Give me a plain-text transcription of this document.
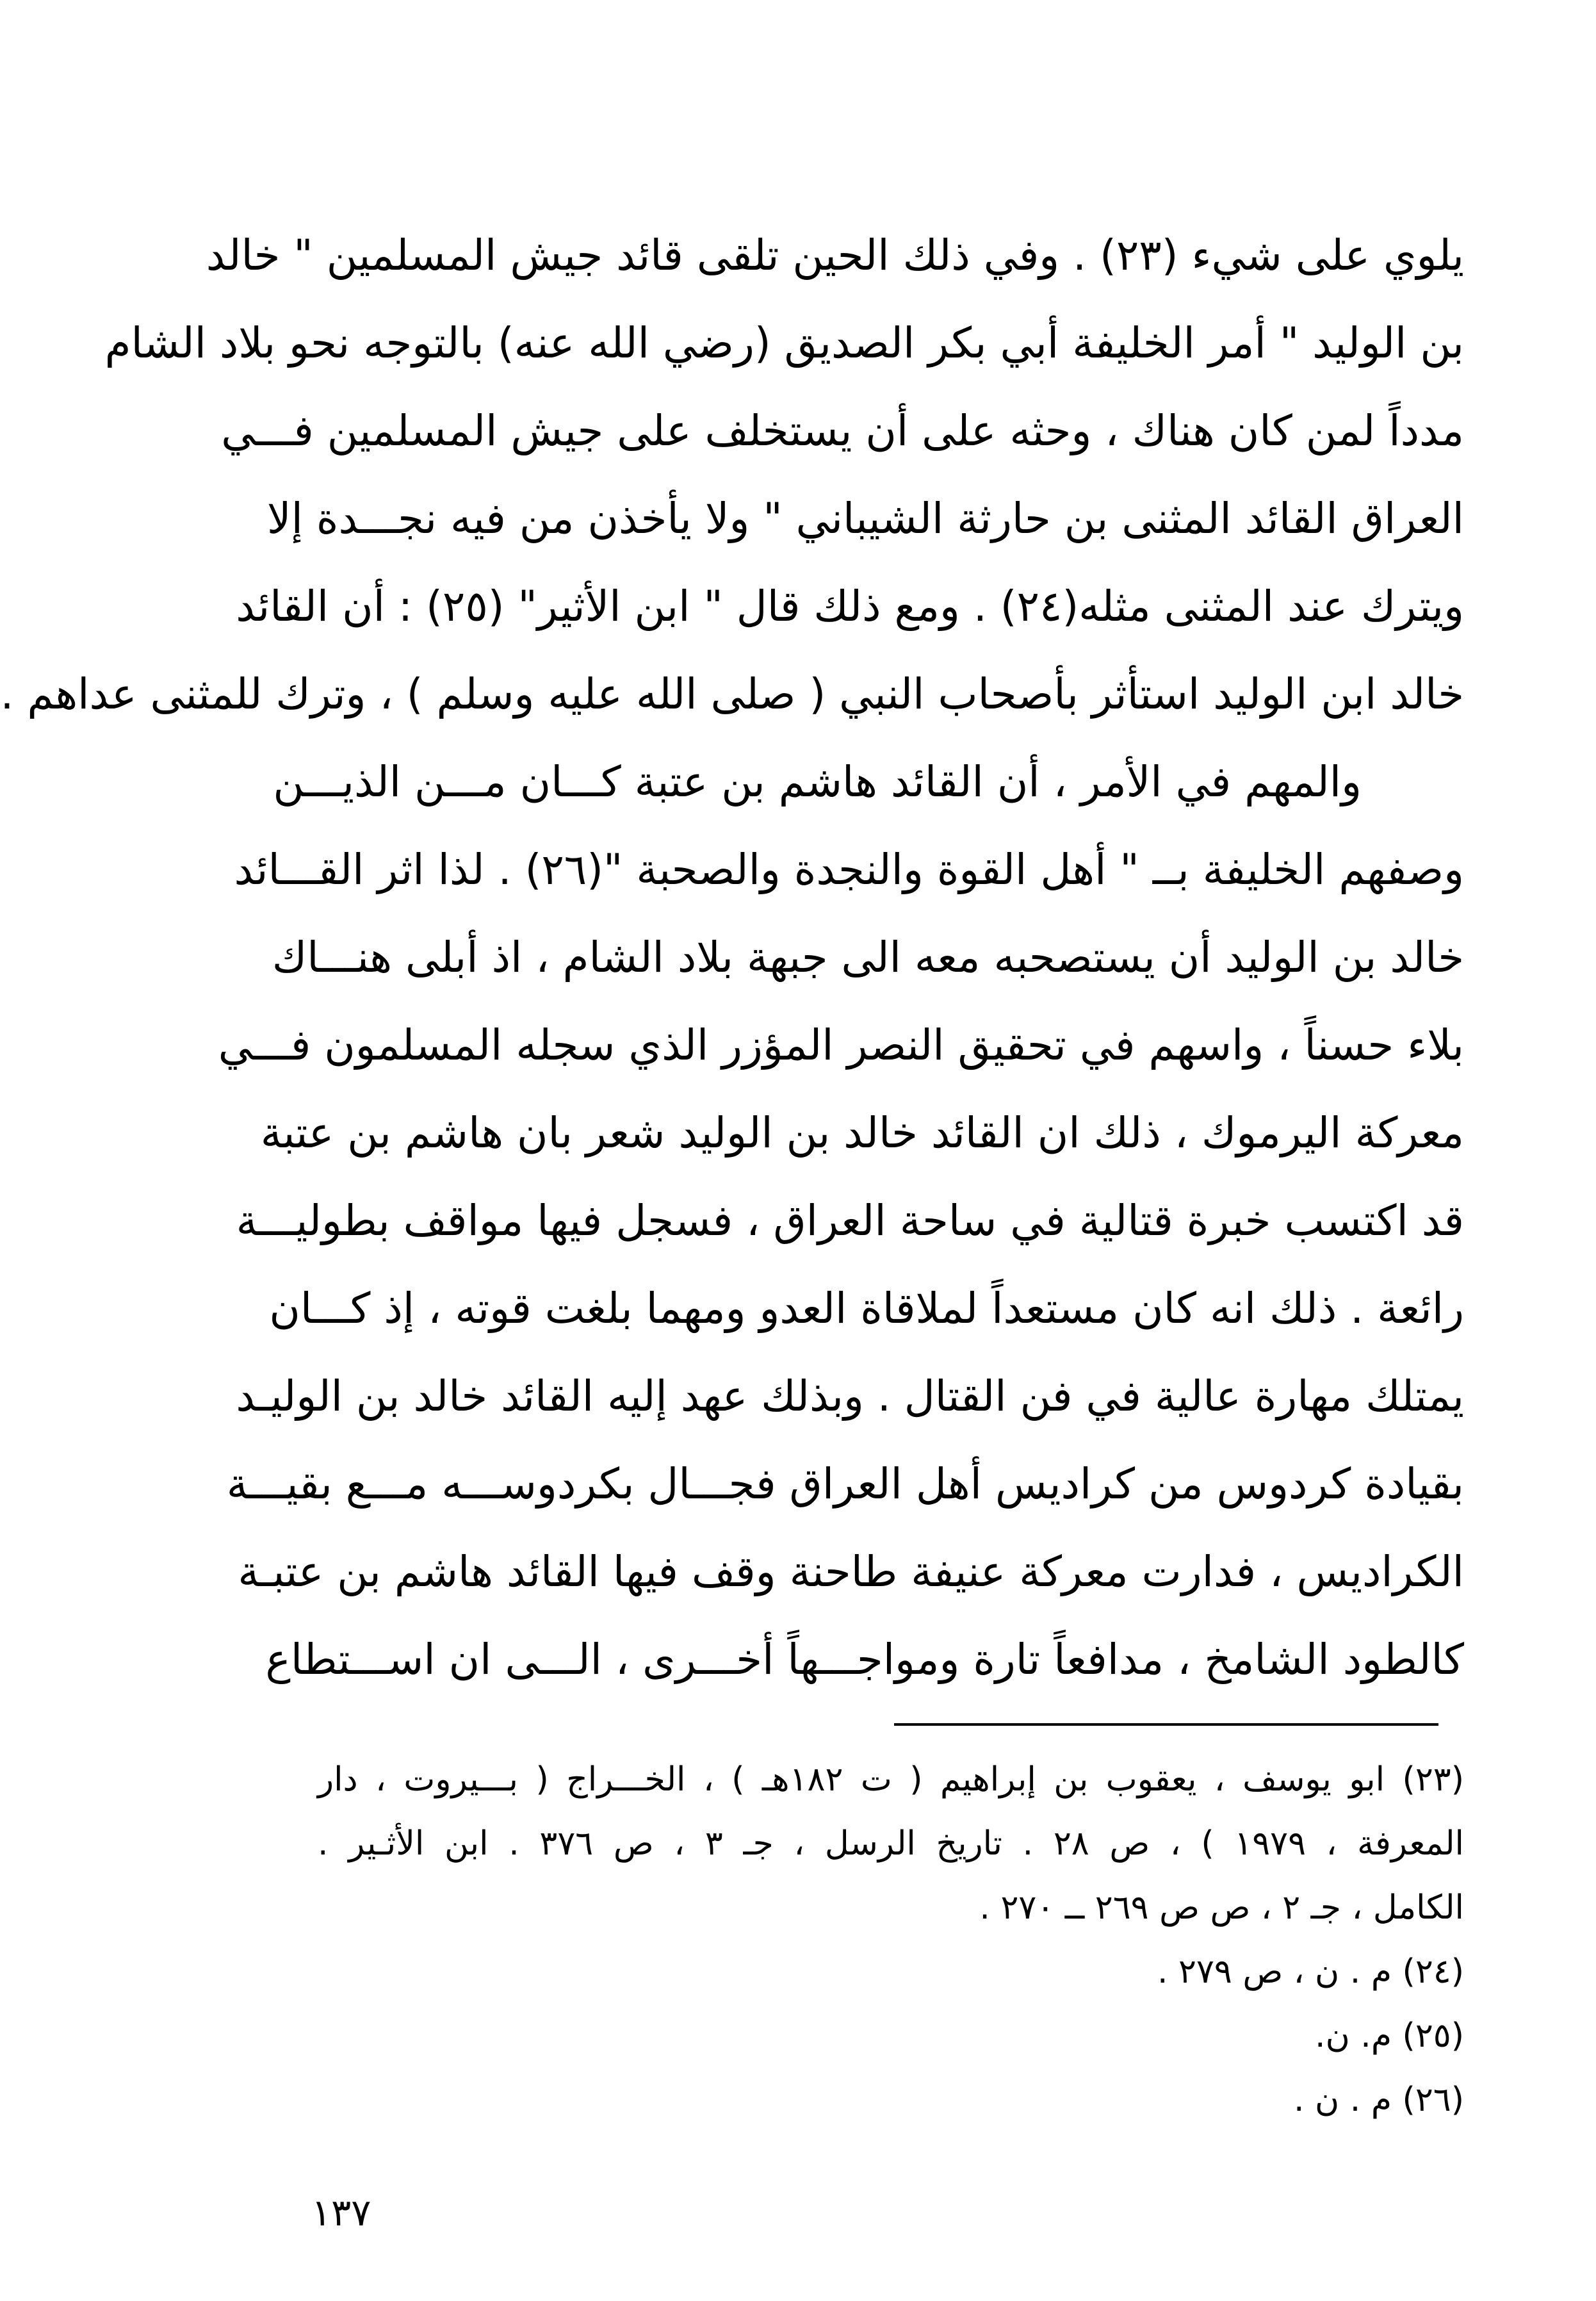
يلوي على شيء (٢٣) . وفي ذلك الحين تلقى قائد جيش المسلمين " خالد
بن الوليد " أمر الخليفة أبي بكر الصديق (رضي الله عنه) بالتوجه نحو بلاد الشام
مدداً لمن كان هناك ، وحثه على أن يستخلف على جيش المسلمين فـــي
العراق القائد المثنى بن حارثة الشيباني " ولا يأخذن من فيه نجـــدة إلا
ويترك عند المثنى مثله(٢٤) . ومع ذلك قال " ابن الأثير" (٢٥) : أن القائد
خالد ابن الوليد استأثر بأصحاب النبي ( صلى الله عليه وسلم ) ، وترك للمثنى عداهم .
والمهم في الأمر ، أن القائد هاشم بن عتبة كـــان مـــن الذيـــن
وصفهم الخليفة بــ " أهل القوة والنجدة والصحبة "(٢٦) . لذا اثر القـــائد
خالد بن الوليد أن يستصحبه معه الى جبهة بلاد الشام ، اذ أبلى هنـــاك
بلاء حسناً ، واسهم في تحقيق النصر المؤزر الذي سجله المسلمون فـــي
معركة اليرموك ، ذلك ان القائد خالد بن الوليد شعر بان هاشم بن عتبة
قد اكتسب خبرة قتالية في ساحة العراق ، فسجل فيها مواقف بطوليـــة
رائعة . ذلك انه كان مستعداً لملاقاة العدو ومهما بلغت قوته ، إذ كـــان
يمتلك مهارة عالية في فن القتال . وبذلك عهد إليه القائد خالد بن الوليـد
بقيادة كردوس من كراديس أهل العراق فجـــال بكردوســـه مـــع بقيـــة
الكراديس ، فدارت معركة عنيفة طاحنة وقف فيها القائد هاشم بن عتبـة
كالطود الشامخ ، مدافعاً تارة ومواجـــهاً أخـــرى ، الـــى ان اســـتطاع
(٢٣) ابو يوسف ، يعقوب بن إبراهيم ( ت ١٨٢هـ ) ، الخـــراج ( بـــيروت ، دار
المعرفة ، ١٩٧٩ ) ، ص ٢٨ . تاريخ الرسل ، جـ ٣ ، ص ٣٧٦ . ابن الأثـير .
الكامل ، جـ ٢ ، ص ص ٢٦٩ ــ ٢٧٠ .
(٢٤) م . ن ، ص ٢٧٩ .
(٢٥) م. ن.
(٢٦) م . ن .
١٣٧
